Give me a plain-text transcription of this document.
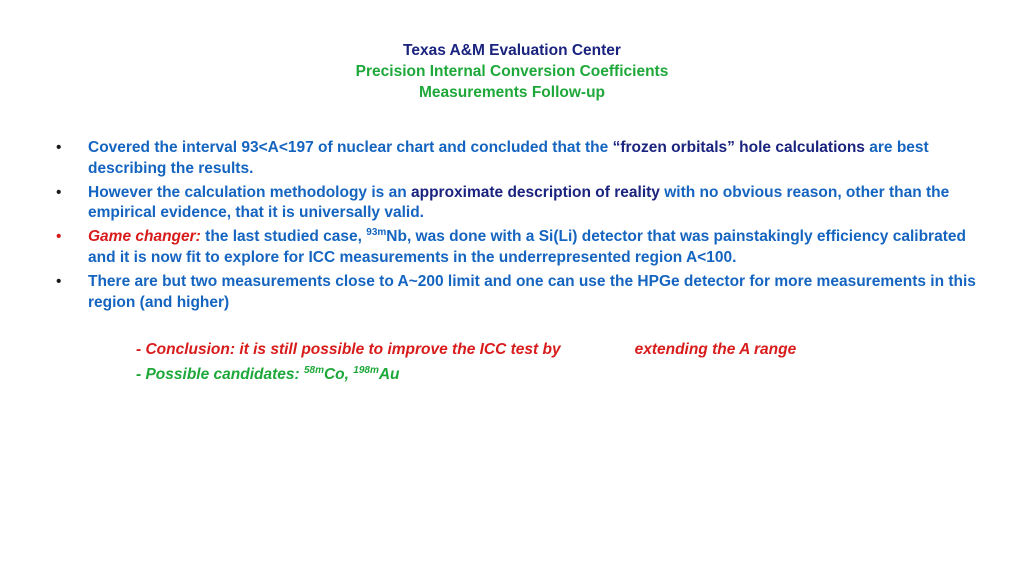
Texas A&M Evaluation Center
Precision Internal Conversion Coefficients
Measurements Follow-up
•	Covered the interval 93<A<197 of nuclear chart and concluded that the “frozen orbitals” hole calculations are best describing the results.
•	However the calculation methodology is an approximate description of reality with no obvious reason, other than the empirical evidence, that it is universally valid.
•	Game changer: the last studied case, $^{93m}$Nb, was done with a Si(Li) detector that was painstakingly efficiency calibrated and it is now fit to explore for ICC measurements in the underrepresented region A<100.
•	There are but two measurements close to A~200 limit and one can use the HPGe detector for more measurements in this region (and higher)
- Conclusion: it is still possible to improve the ICC test by	extending the A range
- Possible candidates: $^{58m}$Co, $^{198m}$Au
